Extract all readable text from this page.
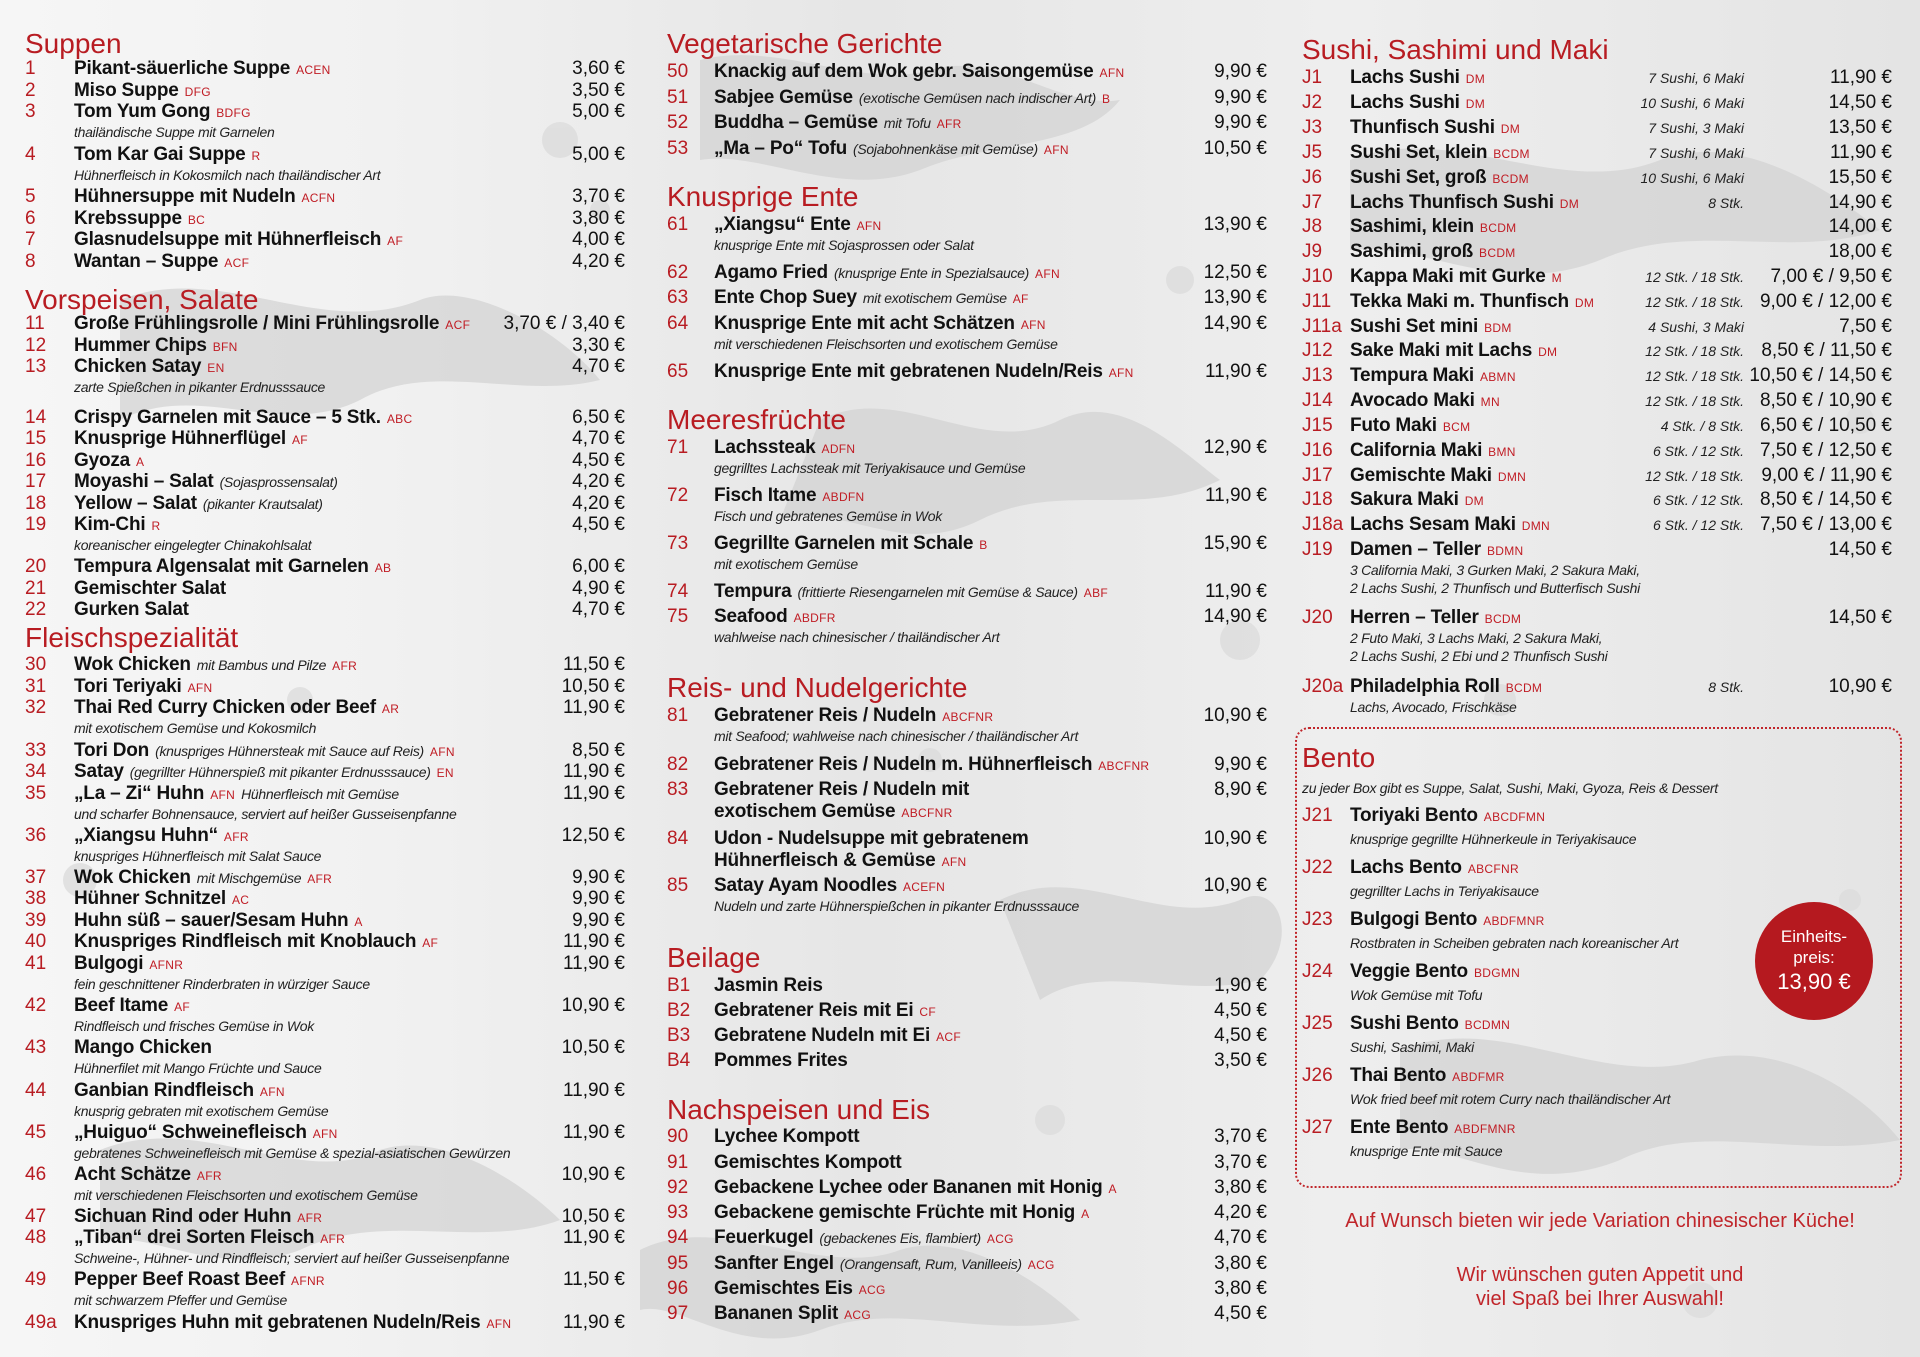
Suppen
1 Pikant-säuerliche Suppe ACEN	3,60 €
2 Miso Suppe DFG	3,50 €
3 Tom Yum Gong BDFG	5,00 €
thailändische Suppe mit Garnelen
4 Tom Kar Gai Suppe R	5,00 €
Hühnerfleisch in Kokosmilch nach thailändischer Art
5 Hühnersuppe mit Nudeln ACFN	3,70 €
6 Krebssuppe BC	3,80 €
7 Glasnudelsuppe mit Hühnerfleisch AF	4,00 €
8 Wantan – Suppe ACF	4,20 €
Vorspeisen, Salate
11 Große Frühlingsrolle / Mini Frühlingsrolle ACF 3,70 € / 3,40 €
12 Hummer Chips BFN	3,30 €
13 Chicken Satay EN	4,70 €
zarte Spießchen in pikanter Erdnusssauce
14 Crispy Garnelen mit Sauce – 5 Stk. ABC	6,50 €
15 Knusprige Hühnerflügel AF	4,70 €
16 Gyoza A	4,50 €
17 Moyashi – Salat (Sojasprossensalat)	4,20 €
18 Yellow – Salat (pikanter Krautsalat)	4,20 €
19 Kim-Chi R	4,50 €
koreanischer eingelegter Chinakohlsalat
20 Tempura Algensalat mit Garnelen AB	6,00 €
21 Gemischter Salat	4,90 €
22 Gurken Salat	4,70 €
Fleischspezialität
30 Wok Chicken mit Bambus und Pilze AFR	11,50 €
31 Tori Teriyaki AFN	10,50 €
32 Thai Red Curry Chicken oder Beef AR	11,90 €
mit exotischem Gemüse und Kokosmilch
33 Tori Don (knuspriges Hühnersteak mit Sauce auf Reis) AFN	8,50 €
34 Satay (gegrillter Hühnerspieß mit pikanter Erdnusssauce) EN	11,90 €
35 „La – Zi“ Huhn AFN Hühnerfleisch mit Gemüse	11,90 €
und scharfer Bohnensauce, serviert auf heißer Gusseisenpfanne
36 „Xiangsu Huhn“ AFR	12,50 €
knuspriges Hühnerfleisch mit Salat Sauce
37 Wok Chicken mit Mischgemüse AFR	9,90 €
38 Hühner Schnitzel AC	9,90 €
39 Huhn süß – sauer/Sesam Huhn A	9,90 €
40 Knuspriges Rindfleisch mit Knoblauch AF	11,90 €
41 Bulgogi AFNR	11,90 €
fein geschnittener Rinderbraten in würziger Sauce
42 Beef Itame AF	10,90 €
Rindfleisch und frisches Gemüse in Wok
43 Mango Chicken	10,50 €
Hühnerfilet mit Mango Früchte und Sauce
44 Ganbian Rindfleisch AFN	11,90 €
knusprig gebraten mit exotischem Gemüse
45 „Huiguo“ Schweinefleisch AFN	11,90 €
gebratenes Schweinefleisch mit Gemüse & spezial-asiatischen Gewürzen
46 Acht Schätze AFR	10,90 €
mit verschiedenen Fleischsorten und exotischem Gemüse
47 Sichuan Rind oder Huhn AFR	10,50 €
48 „Tiban“ drei Sorten Fleisch AFR	11,90 €
Schweine-, Hühner- und Rindfleisch; serviert auf heißer Gusseisenpfanne
49 Pepper Beef Roast Beef AFNR	11,50 €
mit schwarzem Pfeffer und Gemüse
49a Knuspriges Huhn mit gebratenen Nudeln/Reis AFN	11,90 €
Vegetarische Gerichte
50 Knackig auf dem Wok gebr. Saisongemüse AFN	9,90 €
51 Sabjee Gemüse (exotische Gemüsen nach indischer Art) B	9,90 €
52 Buddha – Gemüse mit Tofu AFR	9,90 €
53 „Ma – Po“ Tofu (Sojabohnenkäse mit Gemüse) AFN	10,50 €
Knusprige Ente
61 „Xiangsu“ Ente AFN	13,90 €
knusprige Ente mit Sojasprossen oder Salat
62 Agamo Fried (knusprige Ente in Spezialsauce) AFN	12,50 €
63 Ente Chop Suey mit exotischem Gemüse AF	13,90 €
64 Knusprige Ente mit acht Schätzen AFN	14,90 €
mit verschiedenen Fleischsorten und exotischem Gemüse
65 Knusprige Ente mit gebratenen Nudeln/Reis AFN	11,90 €
Meeresfrüchte
71 Lachssteak ADFN	12,90 €
gegrilltes Lachssteak mit Teriyakisauce und Gemüse
72 Fisch Itame ABDFN	11,90 €
Fisch und gebratenes Gemüse in Wok
73 Gegrillte Garnelen mit Schale B	15,90 €
mit exotischem Gemüse
74 Tempura (frittierte Riesengarnelen mit Gemüse & Sauce) ABF	11,90 €
75 Seafood ABDFR	14,90 €
wahlweise nach chinesischer / thailändischer Art
Reis- und Nudelgerichte
81 Gebratener Reis / Nudeln ABCFNR	10,90 €
mit Seafood; wahlweise nach chinesischer / thailändischer Art
82 Gebratener Reis / Nudeln m. Hühnerfleisch ABCFNR	9,90 €
83 Gebratener Reis / Nudeln mit	8,90 €
exotischem Gemüse ABCFNR
84 Udon - Nudelsuppe mit gebratenem	10,90 €
Hühnerfleisch & Gemüse AFN
85 Satay Ayam Noodles ACEFN	10,90 €
Nudeln und zarte Hühnerspießchen in pikanter Erdnusssauce
Beilage
B1 Jasmin Reis	1,90 €
B2 Gebratener Reis mit Ei CF	4,50 €
B3 Gebratene Nudeln mit Ei ACF	4,50 €
B4 Pommes Frites	3,50 €
Nachspeisen und Eis
90 Lychee Kompott	3,70 €
91 Gemischtes Kompott	3,70 €
92 Gebackene Lychee oder Bananen mit Honig A	3,80 €
93 Gebackene gemischte Früchte mit Honig A	4,20 €
94 Feuerkugel (gebackenes Eis, flambiert) ACG	4,70 €
95 Sanfter Engel (Orangensaft, Rum, Vanilleeis) ACG	3,80 €
96 Gemischtes Eis ACG	3,80 €
97 Bananen Split ACG	4,50 €
Sushi, Sashimi und Maki
J1 Lachs Sushi DM	11,90 €
7 Sushi, 6 Maki
J2 Lachs Sushi DM	14,50 €
10 Sushi, 6 Maki
J3 Thunfisch Sushi DM	13,50 €
7 Sushi, 3 Maki
J5 Sushi Set, klein BCDM	11,90 €
7 Sushi, 6 Maki
J6 Sushi Set, groß BCDM	15,50 €
10 Sushi, 6 Maki
J7 Lachs Thunfisch Sushi DM	14,90 €
8 Stk.
J8 Sashimi, klein BCDM	14,00 €
J9 Sashimi, groß BCDM	18,00 €
J10 Kappa Maki mit Gurke M	7,00 € / 9,50 €
12 Stk. / 18 Stk.
J11 Tekka Maki m. Thunfisch DM	9,00 € / 12,00 €
12 Stk. / 18 Stk.
J11a Sushi Set mini BDM	7,50 €
4 Sushi, 3 Maki
J12 Sake Maki mit Lachs DM	8,50 € / 11,50 €
12 Stk. / 18 Stk.
J13 Tempura Maki ABMN	10,50 € / 14,50 €
12 Stk. / 18 Stk.
J14 Avocado Maki MN	8,50 € / 10,90 €
12 Stk. / 18 Stk.
J15 Futo Maki BCM	6,50 € / 10,50 €
4 Stk. / 8 Stk.
J16 California Maki BMN	7,50 € / 12,50 €
6 Stk. / 12 Stk.
J17 Gemischte Maki DMN	9,00 € / 11,90 €
12 Stk. / 18 Stk.
J18 Sakura Maki DM	8,50 € / 14,50 €
6 Stk. / 12 Stk.
J18a Lachs Sesam Maki DMN	7,50 € / 13,00 €
6 Stk. / 12 Stk.
J19 Damen – Teller BDMN	14,50 €
3 California Maki, 3 Gurken Maki, 2 Sakura Maki,
2 Lachs Sushi, 2 Thunfisch und Butterfisch Sushi
J20 Herren – Teller BCDM	14,50 €
2 Futo Maki, 3 Lachs Maki, 2 Sakura Maki,
2 Lachs Sushi, 2 Ebi und 2 Thunfisch Sushi
J20a Philadelphia Roll BCDM	10,90 €
8 Stk.
Lachs, Avocado, Frischkäse
Bento
zu jeder Box gibt es Suppe, Salat, Sushi, Maki, Gyoza, Reis & Dessert
J21 Toriyaki Bento ABCDFMN
knusprige gegrillte Hühnerkeule in Teriyakisauce
J22 Lachs Bento ABCFNR
gegrillter Lachs in Teriyakisauce
J23 Bulgogi Bento ABDFMNR
Rostbraten in Scheiben gebraten nach koreanischer Art
J24 Veggie Bento BDGMN
Wok Gemüse mit Tofu
J25 Sushi Bento BCDMN
Sushi, Sashimi, Maki
J26 Thai Bento ABDFMR
Wok fried beef mit rotem Curry nach thailändischer Art
J27 Ente Bento ABDFMNR
knusprige Ente mit Sauce
Einheits-
preis:
13,90 €
Auf Wunsch bieten wir jede Variation chinesischer Küche!
Wir wünschen guten Appetit und
viel Spaß bei Ihrer Auswahl!
